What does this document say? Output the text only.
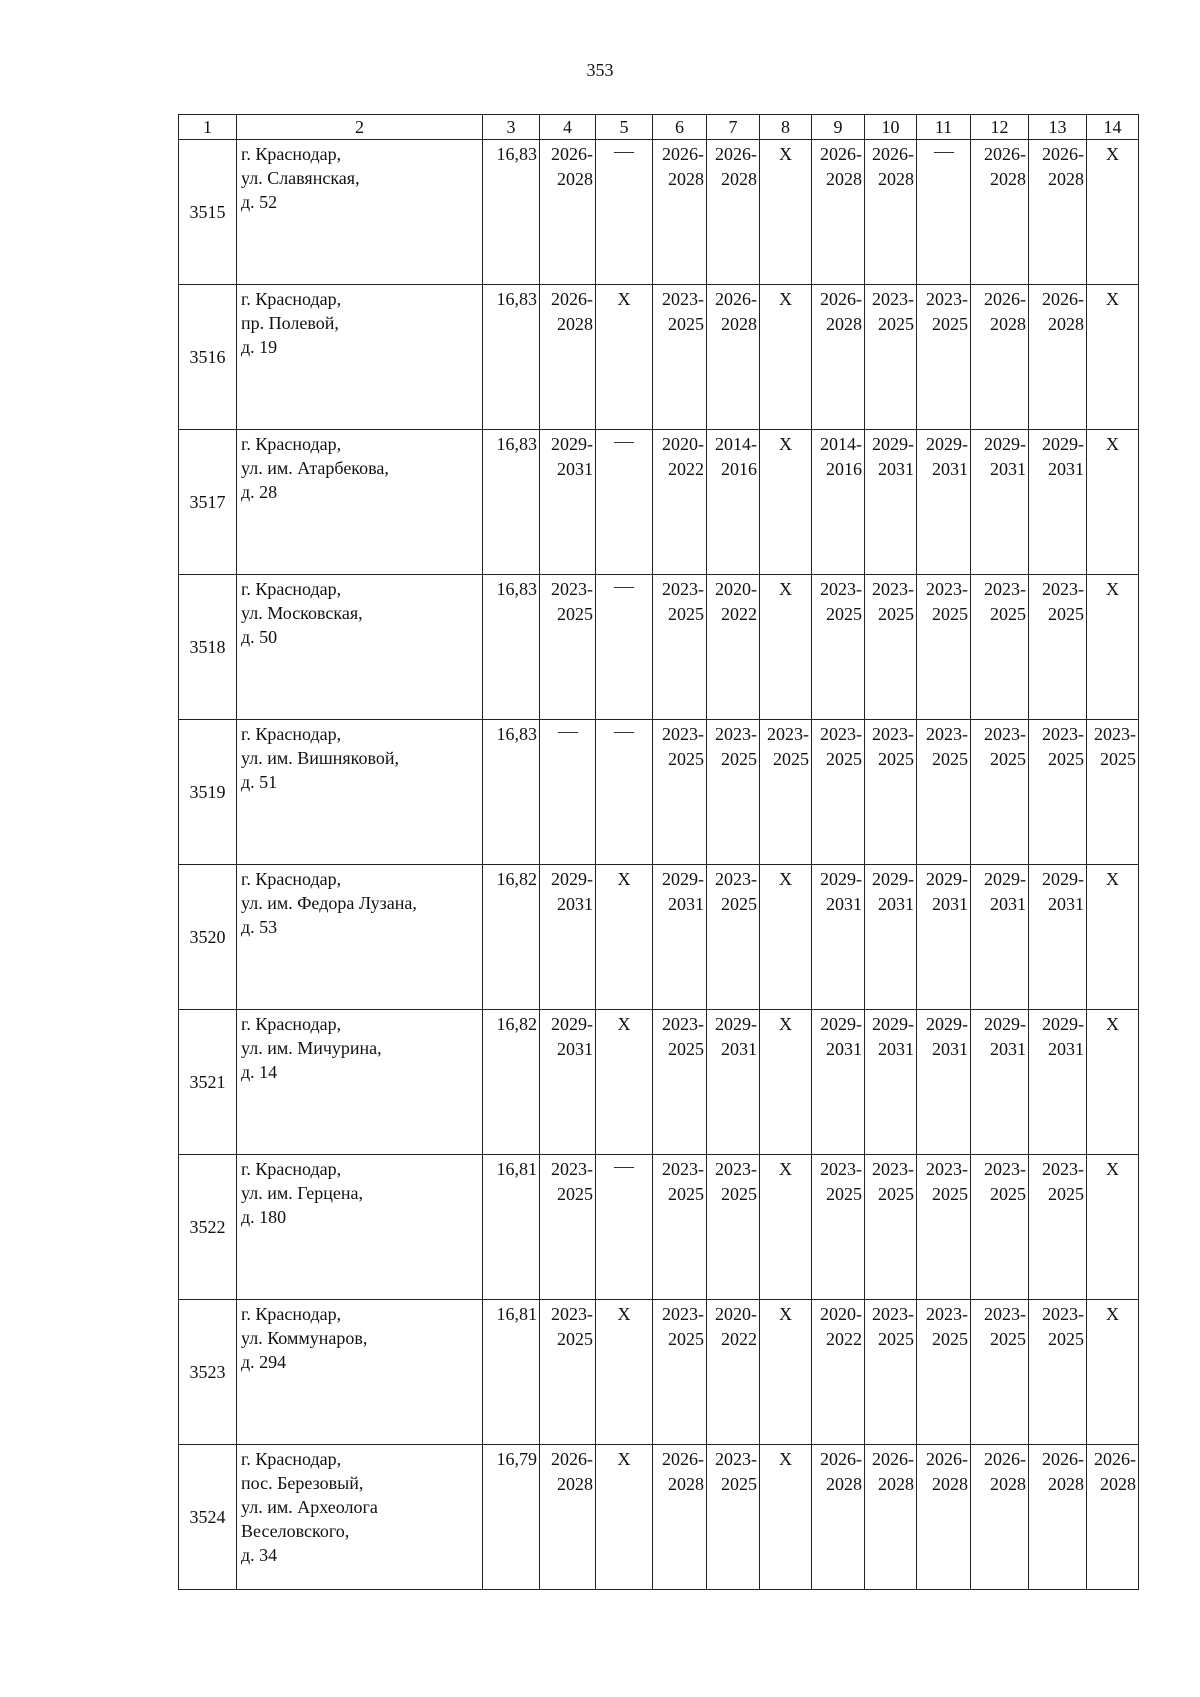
353
1	2	3	4	5	6	7	8	9	10	11	12	13	14
3515	г. Краснодар,
ул. Славянская,
д. 52	16,83	2026-
2028		2026-
2028	2026-
2028	Х	2026-
2028	2026-
2028		2026-
2028	2026-
2028	Х
3516	г. Краснодар,
пр. Полевой,
д. 19	16,83	2026-
2028	Х	2023-
2025	2026-
2028	Х	2026-
2028	2023-
2025	2023-
2025	2026-
2028	2026-
2028	Х
3517	г. Краснодар,
ул. им. Атарбекова,
д. 28	16,83	2029-
2031		2020-
2022	2014-
2016	Х	2014-
2016	2029-
2031	2029-
2031	2029-
2031	2029-
2031	Х
3518	г. Краснодар,
ул. Московская,
д. 50	16,83	2023-
2025		2023-
2025	2020-
2022	Х	2023-
2025	2023-
2025	2023-
2025	2023-
2025	2023-
2025	Х
3519	г. Краснодар,
ул. им. Вишняковой,
д. 51	16,83			2023-
2025	2023-
2025	2023-
2025	2023-
2025	2023-
2025	2023-
2025	2023-
2025	2023-
2025	2023-
2025
3520	г. Краснодар,
ул. им. Федора Лузана,
д. 53	16,82	2029-
2031	Х	2029-
2031	2023-
2025	Х	2029-
2031	2029-
2031	2029-
2031	2029-
2031	2029-
2031	Х
3521	г. Краснодар,
ул. им. Мичурина,
д. 14	16,82	2029-
2031	Х	2023-
2025	2029-
2031	Х	2029-
2031	2029-
2031	2029-
2031	2029-
2031	2029-
2031	Х
3522	г. Краснодар,
ул. им. Герцена,
д. 180	16,81	2023-
2025		2023-
2025	2023-
2025	Х	2023-
2025	2023-
2025	2023-
2025	2023-
2025	2023-
2025	Х
3523	г. Краснодар,
ул. Коммунаров,
д. 294	16,81	2023-
2025	Х	2023-
2025	2020-
2022	Х	2020-
2022	2023-
2025	2023-
2025	2023-
2025	2023-
2025	Х
3524	г. Краснодар,
пос. Березовый,
ул. им. Археолога
Веселовского,
д. 34	16,79	2026-
2028	Х	2026-
2028	2023-
2025	Х	2026-
2028	2026-
2028	2026-
2028	2026-
2028	2026-
2028	2026-
2028
